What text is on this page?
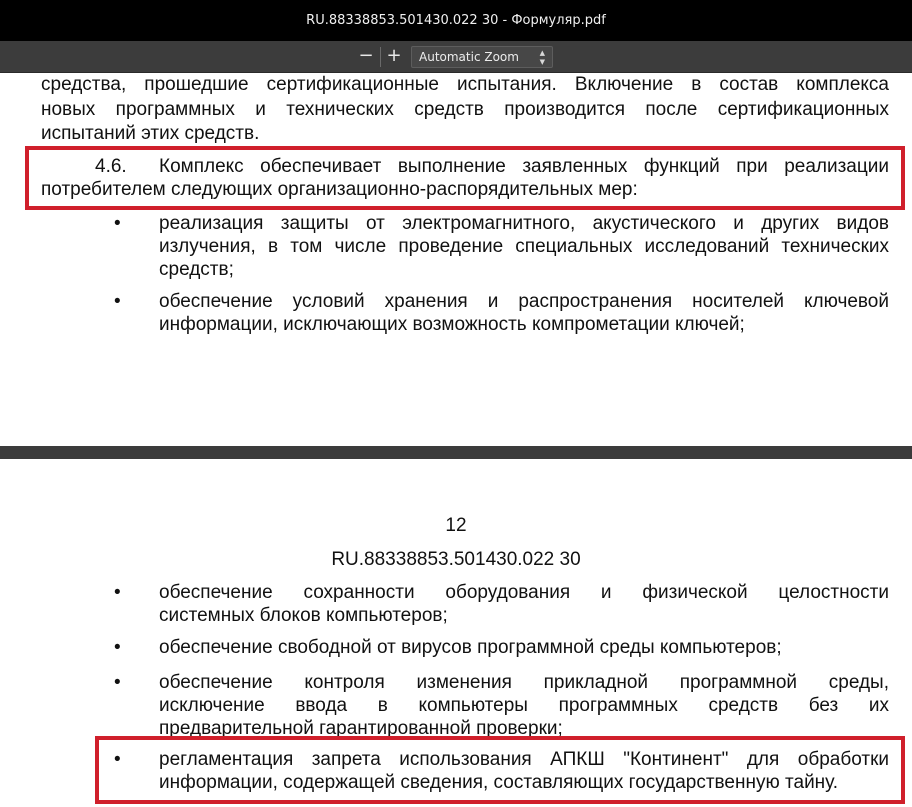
RU.88338853.501430.022 30 - Формуляр.pdf
− +	Automatic Zoom	▲
▼
средства, прошедшие сертификационные испытания. Включение в состав комплекса
новых программных и технических средств производится после сертификационных
испытаний этих средств.
4.6. Комплекс обеспечивает выполнение заявленных функций при реализации
потребителем следующих организационно-распорядительных мер:
• реализация защиты от электромагнитного, акустического и других видов
излучения, в том числе проведение специальных исследований технических
средств;
• обеспечение условий хранения и распространения носителей ключевой
информации, исключающих возможность компрометации ключей;
12
RU.88338853.501430.022 30
• обеспечение сохранности оборудования и физической целостности
системных блоков компьютеров;
• обеспечение свободной от вирусов программной среды компьютеров;
• обеспечение контроля изменения прикладной программной среды,
исключение ввода в компьютеры программных средств без их
предварительной гарантированной проверки;
• регламентация запрета использования АПКШ "Континент" для обработки
информации, содержащей сведения, составляющих государственную тайну.
